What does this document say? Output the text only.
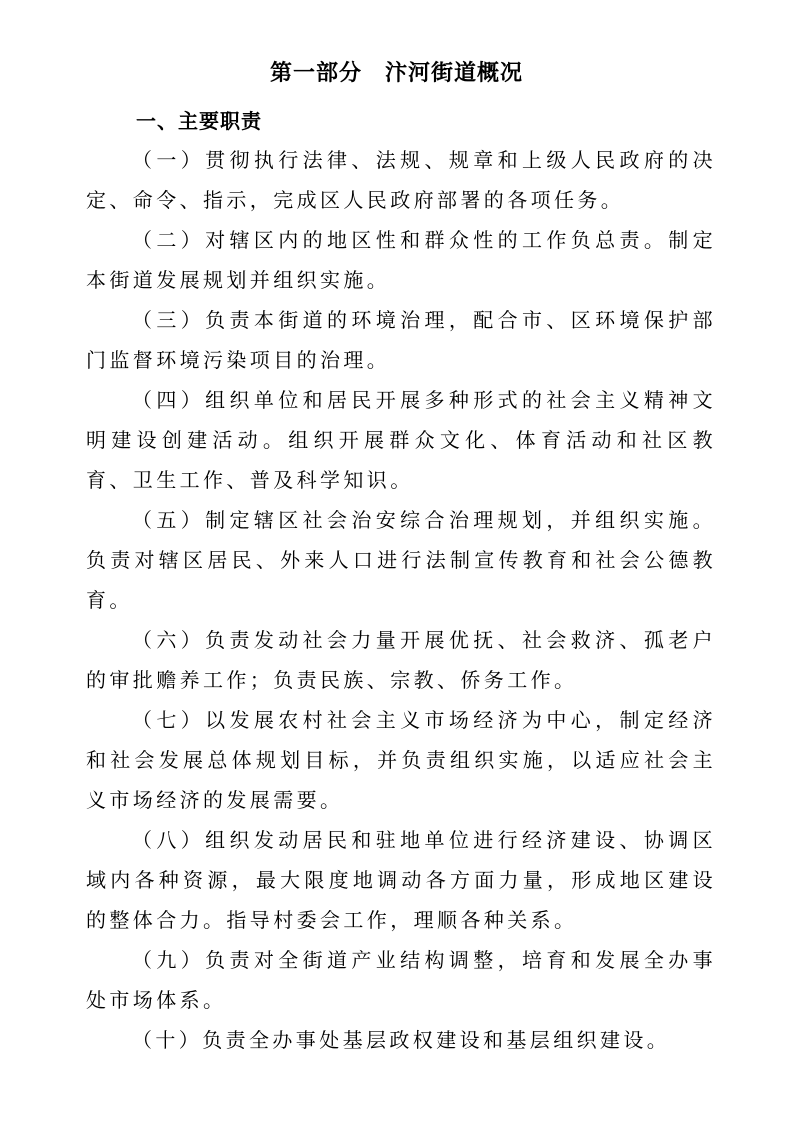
第一部分　汴河街道概况
一、主要职责

（一）贯彻执行法律、法规、规章和上级人民政府的决定、命令、指示，完成区人民政府部署的各项任务。

（二）对辖区内的地区性和群众性的工作负总责。制定本街道发展规划并组织实施。

（三）负责本街道的环境治理，配合市、区环境保护部门监督环境污染项目的治理。

（四）组织单位和居民开展多种形式的社会主义精神文明建设创建活动。组织开展群众文化、体育活动和社区教育、卫生工作、普及科学知识。

（五）制定辖区社会治安综合治理规划，并组织实施。负责对辖区居民、外来人口进行法制宣传教育和社会公德教育。

（六）负责发动社会力量开展优抚、社会救济、孤老户的审批赡养工作；负责民族、宗教、侨务工作。

（七）以发展农村社会主义市场经济为中心，制定经济和社会发展总体规划目标，并负责组织实施，以适应社会主义市场经济的发展需要。

（八）组织发动居民和驻地单位进行经济建设、协调区域内各种资源，最大限度地调动各方面力量，形成地区建设的整体合力。指导村委会工作，理顺各种关系。

（九）负责对全街道产业结构调整，培育和发展全办事处市场体系。

（十）负责全办事处基层政权建设和基层组织建设。
